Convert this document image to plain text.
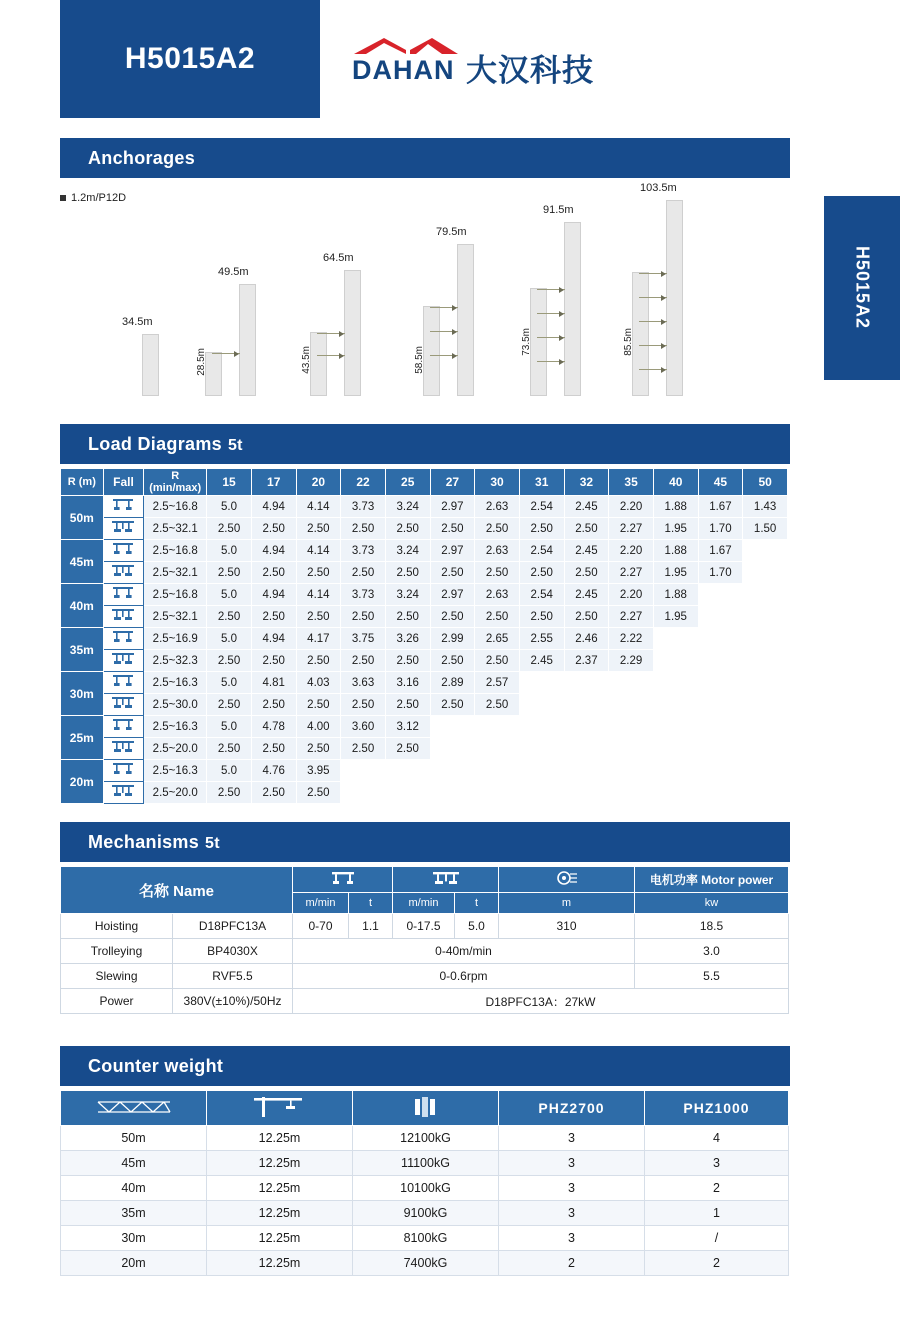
H5015A2	DAHAN 大汉科技
H5015A2
Anchorages
1.2m/P12D
34.5m
49.5m
28.5m
64.5m
43.5m
79.5m
58.5m
91.5m
73.5m
103.5m
85.5m
Load Diagrams 5t
R (m)	Fall	R (min/max)	15	17	20	22	25	27	30	31	32	35	40	45	50
50m		2.5~16.8	5.0	4.94	4.14	3.73	3.24	2.97	2.63	2.54	2.45	2.20	1.88	1.67	1.43
	2.5~32.1	2.50	2.50	2.50	2.50	2.50	2.50	2.50	2.50	2.50	2.27	1.95	1.70	1.50
45m		2.5~16.8	5.0	4.94	4.14	3.73	3.24	2.97	2.63	2.54	2.45	2.20	1.88	1.67	
	2.5~32.1	2.50	2.50	2.50	2.50	2.50	2.50	2.50	2.50	2.50	2.27	1.95	1.70	
40m		2.5~16.8	5.0	4.94	4.14	3.73	3.24	2.97	2.63	2.54	2.45	2.20	1.88		
	2.5~32.1	2.50	2.50	2.50	2.50	2.50	2.50	2.50	2.50	2.50	2.27	1.95		
35m		2.5~16.9	5.0	4.94	4.17	3.75	3.26	2.99	2.65	2.55	2.46	2.22			
	2.5~32.3	2.50	2.50	2.50	2.50	2.50	2.50	2.50	2.45	2.37	2.29			
30m		2.5~16.3	5.0	4.81	4.03	3.63	3.16	2.89	2.57						
	2.5~30.0	2.50	2.50	2.50	2.50	2.50	2.50	2.50						
25m		2.5~16.3	5.0	4.78	4.00	3.60	3.12								
	2.5~20.0	2.50	2.50	2.50	2.50	2.50								
20m		2.5~16.3	5.0	4.76	3.95										
	2.5~20.0	2.50	2.50	2.50										
Mechanisms 5t
名称 Name							电机功率 Motor power
		m/min	t	m/min	t	m	kw
Hoisting	D18PFC13A	0-70	1.1	0-17.5	5.0	310	18.5
Trolleying	BP4030X	0-40m/min					3.0
Slewing	RVF5.5	0-0.6rpm					5.5
Power	380V(±10%)/50Hz	D18PFC13A：27kW					
Counter weight
			PHZ2700	PHZ1000
50m	12.25m	12100kG	3	4
45m	12.25m	11100kG	3	3
40m	12.25m	10100kG	3	2
35m	12.25m	9100kG	3	1
30m	12.25m	8100kG	3	/
20m	12.25m	7400kG	2	2
